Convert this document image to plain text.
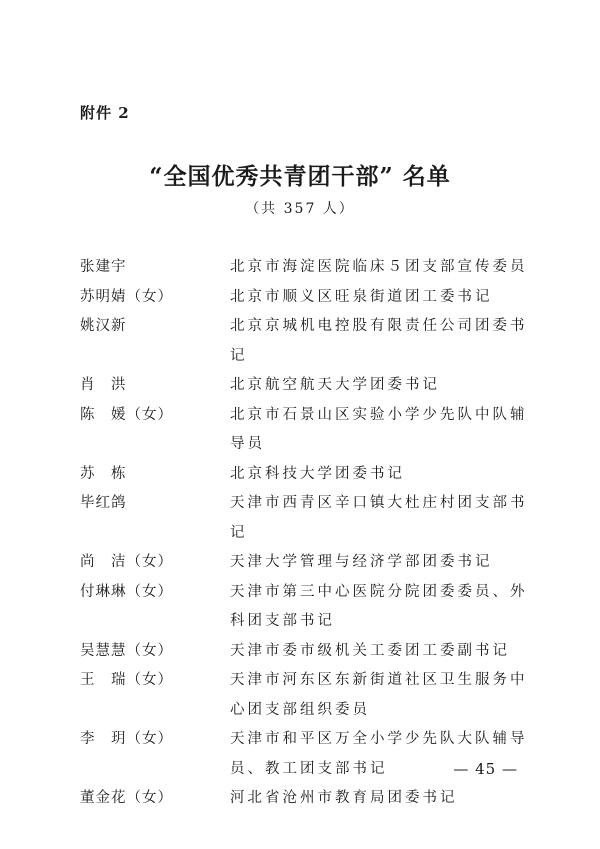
附件 2
“全国优秀共青团干部” 名单
（共 357 人）
张建宇	北京市海淀医院临床５团支部宣传委员
苏明婧（女）	北京市顺义区旺泉街道团工委书记
姚汉新	北京京城机电控股有限责任公司团委书记
肖　洪	北京航空航天大学团委书记
陈　媛（女）	北京市石景山区实验小学少先队中队辅导员
苏　栋	北京科技大学团委书记
毕红鸽	天津市西青区辛口镇大杜庄村团支部书记
尚　洁（女）	天津大学管理与经济学部团委书记
付琳琳（女）	天津市第三中心医院分院团委委员、外科团支部书记
吴慧慧（女）	天津市委市级机关工委团工委副书记
王　瑞（女）	天津市河东区东新街道社区卫生服务中心团支部组织委员
李　玥（女）	天津市和平区万全小学少先队大队辅导员、教工团支部书记
董金花（女）	河北省沧州市教育局团委书记
— 45 —
